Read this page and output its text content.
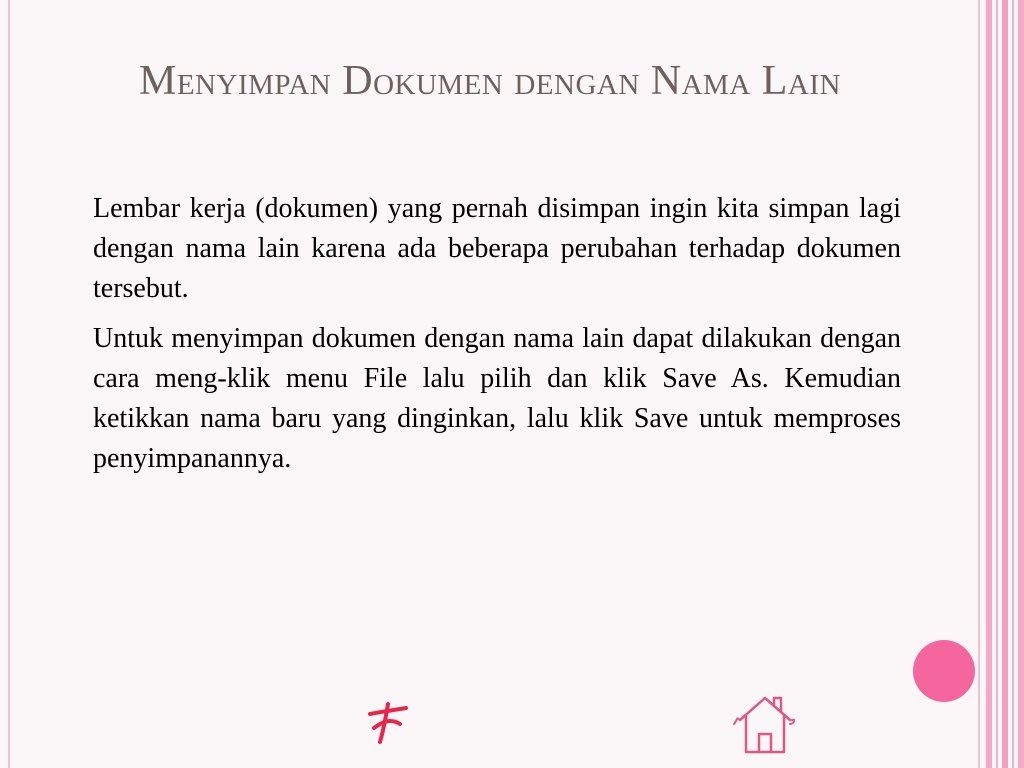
Menyimpan Dokumen dengan Nama Lain

Lembar kerja (dokumen) yang pernah disimpan ingin kita simpan lagi dengan nama lain karena ada beberapa perubahan terhadap dokumen tersebut.

Untuk menyimpan dokumen dengan nama lain dapat dilakukan dengan cara meng-klik menu File lalu pilih dan klik Save As. Kemudian ketikkan nama baru yang dinginkan, lalu klik Save untuk memproses penyimpanannya.
